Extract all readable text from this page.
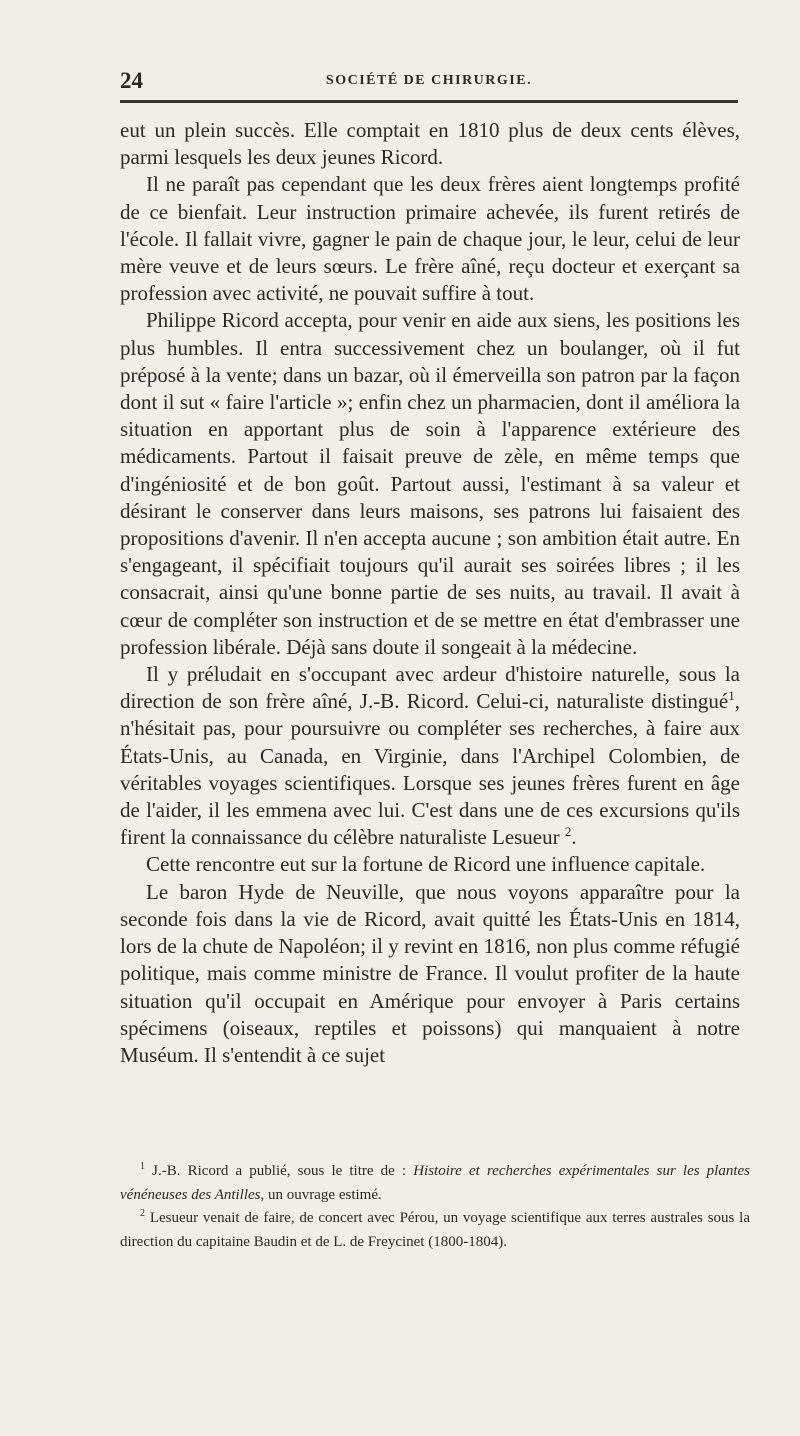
24	SOCIÉTÉ DE CHIRURGIE.

eut un plein succès. Elle comptait en 1810 plus de deux cents élèves, parmi lesquels les deux jeunes Ricord.

Il ne paraît pas cependant que les deux frères aient longtemps profité de ce bienfait. Leur instruction primaire achevée, ils furent retirés de l'école. Il fallait vivre, gagner le pain de chaque jour, le leur, celui de leur mère veuve et de leurs sœurs. Le frère aîné, reçu docteur et exerçant sa profession avec activité, ne pouvait suffire à tout.

Philippe Ricord accepta, pour venir en aide aux siens, les positions les plus humbles. Il entra successivement chez un boulanger, où il fut préposé à la vente; dans un bazar, où il émerveilla son patron par la façon dont il sut « faire l'article »; enfin chez un pharmacien, dont il améliora la situation en apportant plus de soin à l'apparence extérieure des médicaments. Partout il faisait preuve de zèle, en même temps que d'ingéniosité et de bon goût. Partout aussi, l'estimant à sa valeur et désirant le conserver dans leurs maisons, ses patrons lui faisaient des propositions d'avenir. Il n'en accepta aucune ; son ambition était autre. En s'engageant, il spécifiait toujours qu'il aurait ses soirées libres ; il les consacrait, ainsi qu'une bonne partie de ses nuits, au travail. Il avait à cœur de compléter son instruction et de se mettre en état d'embrasser une profession libérale. Déjà sans doute il songeait à la médecine.

Il y préludait en s'occupant avec ardeur d'histoire naturelle, sous la direction de son frère aîné, J.-B. Ricord. Celui-ci, naturaliste distingué$^1$, n'hésitait pas, pour poursuivre ou compléter ses recherches, à faire aux États-Unis, au Canada, en Virginie, dans l'Archipel Colombien, de véritables voyages scientifiques. Lorsque ses jeunes frères furent en âge de l'aider, il les emmena avec lui. C'est dans une de ces excursions qu'ils firent la connaissance du célèbre naturaliste Lesueur $^2$.

Cette rencontre eut sur la fortune de Ricord une influence capitale.

Le baron Hyde de Neuville, que nous voyons apparaître pour la seconde fois dans la vie de Ricord, avait quitté les États-Unis en 1814, lors de la chute de Napoléon; il y revint en 1816, non plus comme réfugié politique, mais comme ministre de France. Il voulut profiter de la haute situation qu'il occupait en Amérique pour envoyer à Paris certains spécimens (oiseaux, reptiles et poissons) qui manquaient à notre Muséum. Il s'entendit à ce sujet

$^1$ J.-B. Ricord a publié, sous le titre de : Histoire et recherches expérimentales sur les plantes vénéneuses des Antilles, un ouvrage estimé.

$^2$ Lesueur venait de faire, de concert avec Pérou, un voyage scientifique aux terres australes sous la direction du capitaine Baudin et de L. de Freycinet (1800-1804).
